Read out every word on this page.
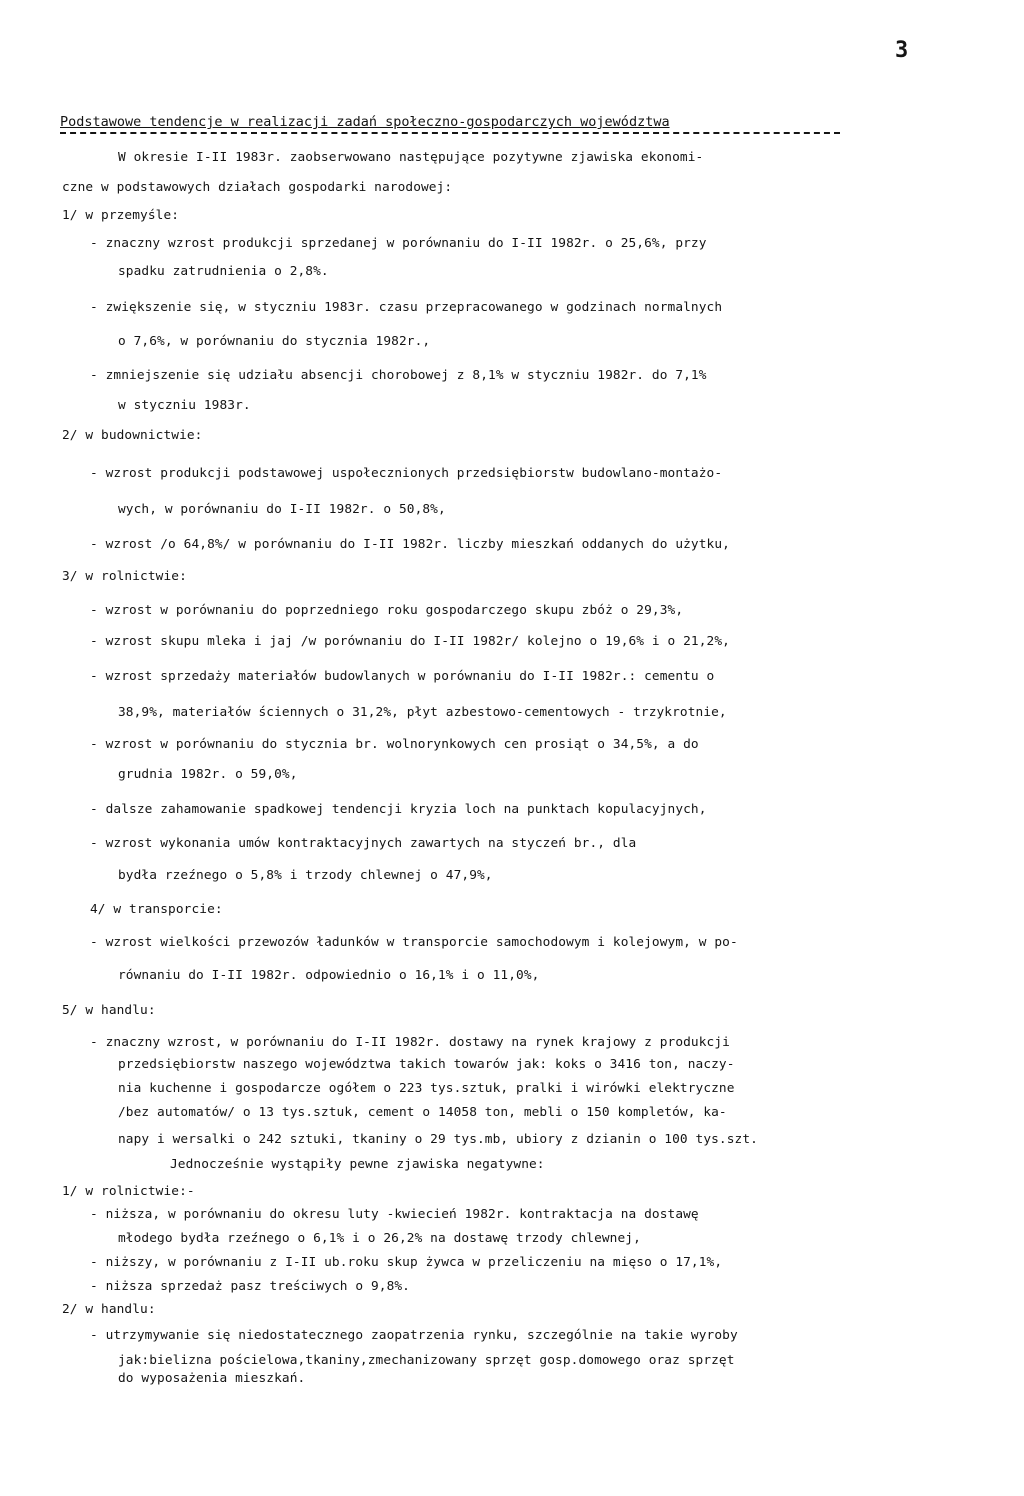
3
Podstawowe tendencje w realizacji zadań społeczno-gospodarczych województwa
W okresie I-II 1983r. zaobserwowano następujące pozytywne zjawiska ekonomi-
czne w podstawowych działach gospodarki narodowej:
1/ w przemyśle:
- znaczny wzrost produkcji sprzedanej w porównaniu do I-II 1982r. o 25,6%, przy
spadku zatrudnienia o 2,8%.
- zwiększenie się, w styczniu 1983r. czasu przepracowanego w godzinach normalnych
o 7,6%, w porównaniu do stycznia 1982r.,
- zmniejszenie się udziału absencji chorobowej z 8,1% w styczniu 1982r. do 7,1%
w styczniu 1983r.
2/ w budownictwie:
- wzrost produkcji podstawowej uspołecznionych przedsiębiorstw budowlano-montażo-
wych, w porównaniu do I-II 1982r. o 50,8%,
- wzrost /o 64,8%/ w porównaniu do I-II 1982r. liczby mieszkań oddanych do użytku,
3/ w rolnictwie:
- wzrost w porównaniu do poprzedniego roku gospodarczego skupu zbóż o 29,3%,
- wzrost skupu mleka i jaj /w porównaniu do I-II 1982r/ kolejno o 19,6% i o 21,2%,
- wzrost sprzedaży materiałów budowlanych w porównaniu do I-II 1982r.: cementu o
38,9%, materiałów ściennych o 31,2%, płyt azbestowo-cementowych - trzykrotnie,
- wzrost w porównaniu do stycznia br. wolnorynkowych cen prosiąt o 34,5%, a do
grudnia 1982r. o 59,0%,
- dalsze zahamowanie spadkowej tendencji kryzia loch na punktach kopulacyjnych,
- wzrost wykonania umów kontraktacyjnych zawartych na styczeń br., dla
bydła rzeźnego o 5,8% i trzody chlewnej o 47,9%,
4/ w transporcie:
- wzrost wielkości przewozów ładunków w transporcie samochodowym i kolejowym, w po-
równaniu do I-II 1982r. odpowiednio o 16,1% i o 11,0%,
5/ w handlu:
- znaczny wzrost, w porównaniu do I-II 1982r. dostawy na rynek krajowy z produkcji
przedsiębiorstw naszego województwa takich towarów jak: koks o 3416 ton, naczy-
nia kuchenne i gospodarcze ogółem o 223 tys.sztuk, pralki i wirówki elektryczne
/bez automatów/ o 13 tys.sztuk, cement o 14058 ton, mebli o 150 kompletów, ka-
napy i wersalki o 242 sztuki, tkaniny o 29 tys.mb, ubiory z dzianin o 100 tys.szt.
Jednocześnie wystąpiły pewne zjawiska negatywne:
1/ w rolnictwie:-
- niższa, w porównaniu do okresu luty -kwiecień 1982r. kontraktacja na dostawę
młodego bydła rzeźnego o 6,1% i o 26,2% na dostawę trzody chlewnej,
- niższy, w porównaniu z I-II ub.roku skup żywca w przeliczeniu na mięso o 17,1%,
- niższa sprzedaż pasz treściwych o 9,8%.
2/ w handlu:
- utrzymywanie się niedostatecznego zaopatrzenia rynku, szczególnie na takie wyroby
jak:bielizna pościelowa,tkaniny,zmechanizowany sprzęt gosp.domowego oraz sprzęt
do wyposażenia mieszkań.
